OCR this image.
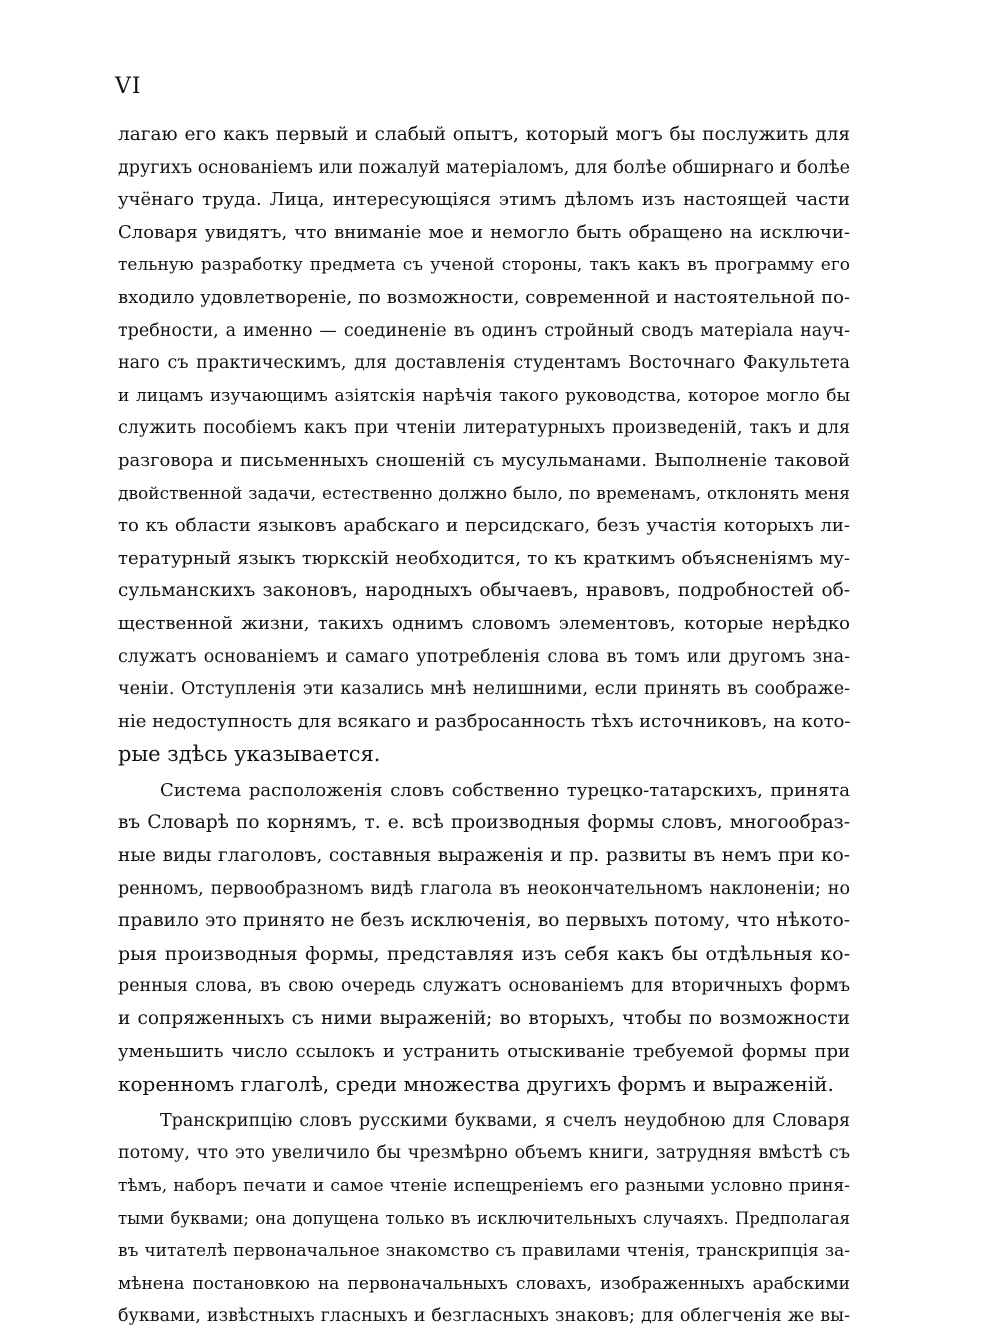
VI
лагаю его какъ первый и слабый опытъ, который могъ бы послужить для
другихъ основаніемъ или пожалуй матеріаломъ, для болѣе обширнаго и болѣе
учёнаго труда. Лица, интересующіяся этимъ дѣломъ изъ настоящей части
Словаря увидятъ, что вниманіе мое и немогло быть обращено на исключи-
тельную разработку предмета съ ученой стороны, такъ какъ въ программу его
входило удовлетвореніе, по возможности, современной и настоятельной по-
требности, а именно — соединеніе въ одинъ стройный сводъ матеріала науч-
наго съ практическимъ, для доставленія студентамъ Восточнаго Факультета
и лицамъ изучающимъ азіятскія нарѣчія такого руководства, которое могло бы
служить пособіемъ какъ при чтеніи литературныхъ произведеній, такъ и для
разговора и письменныхъ сношеній съ мусульманами. Выполненіе таковой
двойственной задачи, естественно должно было, по временамъ, отклонять меня
то къ области языковъ арабскаго и персидскаго, безъ участія которыхъ ли-
тературный языкъ тюркскій необходится, то къ краткимъ объясненіямъ му-
сульманскихъ законовъ, народныхъ обычаевъ, нравовъ, подробностей об-
щественной жизни, такихъ однимъ словомъ элементовъ, которые нерѣдко
служатъ основаніемъ и самаго употребленія слова въ томъ или другомъ зна-
ченіи. Отступленія эти казались мнѣ нелишними, если принять въ соображе-
ніе недоступность для всякаго и разбросанность тѣхъ источниковъ, на кото-
рые здѣсь указывается.
Система расположенія словъ собственно турецко-татарскихъ, принята
въ Словарѣ по корнямъ, т. е. всѣ производныя формы словъ, многообраз-
ные виды глаголовъ, составныя выраженія и пр. развиты въ немъ при ко-
ренномъ, первообразномъ видѣ глагола въ неокончательномъ наклоненіи; но
правило это принято не безъ исключенія, во первыхъ потому, что нѣкото-
рыя производныя формы, представляя изъ себя какъ бы отдѣльныя ко-
ренныя слова, въ свою очередь служатъ основаніемъ для вторичныхъ формъ
и сопряженныхъ съ ними выраженій; во вторыхъ, чтобы по возможности
уменьшить число ссылокъ и устранить отыскиваніе требуемой формы при
коренномъ глаголѣ, среди множества другихъ формъ и выраженій.
Транскрипцію словъ русскими буквами, я счелъ неудобною для Словаря
потому, что это увеличило бы чрезмѣрно объемъ книги, затрудняя вмѣстѣ съ
тѣмъ, наборъ печати и самое чтеніе испещреніемъ его разными условно приня-
тыми буквами; она допущена только въ исключительныхъ случаяхъ. Предполагая
въ читателѣ первоначальное знакомство съ правилами чтенія, транскрипція за-
мѣнена постановкою на первоначальныхъ словахъ, изображенныхъ арабскими
буквами, извѣстныхъ гласныхъ и безгласныхъ знаковъ; для облегченія же вы-
